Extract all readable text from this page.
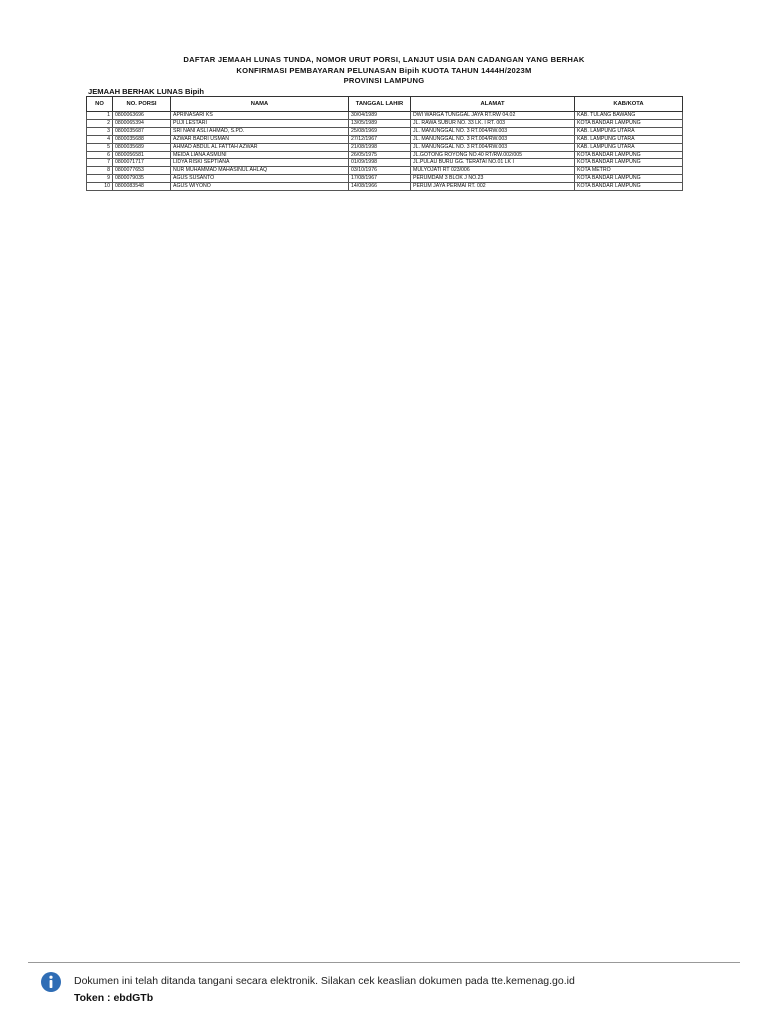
DAFTAR JEMAAH LUNAS TUNDA, NOMOR URUT PORSI, LANJUT USIA DAN CADANGAN YANG BERHAK
KONFIRMASI PEMBAYARAN PELUNASAN Bipih KUOTA TAHUN 1444H/2023M
PROVINSI LAMPUNG
JEMAAH BERHAK LUNAS Bipih
NO	NO. PORSI	NAMA	TANGGAL LAHIR	ALAMAT	KAB/KOTA
1	0800063696	APRINASARI KS	30/04/1989	DWI WARGA TUNGGAL JAYA RT.RW 04.02	KAB. TULANG BAWANG
2	0800065394	PUJI LESTARI	13/05/1989	JL. RAWA SUBUR NO. 33 LK. I RT. 003	KOTA BANDAR LAMPUNG
3	0800035687	SRI NANI ASLI AHMAD, S.PD.	25/08/1969	JL. MANUNGGAL NO. 3 RT.004/RW.003	KAB. LAMPUNG UTARA
4	0800035688	AZWAR BADRI USMAN	27/12/1967	JL. MANUNGGAL NO. 3 RT.004/RW.003	KAB. LAMPUNG UTARA
5	0800035689	AHMAD ABDUL AL FATTAH AZWAR	21/08/1998	JL. MANUNGGAL NO. 3 RT.004/RW.003	KAB. LAMPUNG UTARA
6	0800056581	MEIDA LIANA ASMUNI	26/05/1975	JL.GOTONG ROYONG NO.40 RT/RW.002/005	KOTA BANDAR LAMPUNG
7	0800071717	LIDYA RISKI SEPTIANA	01/09/1998	JL.PULAU BURU GG. TERATAI NO.01 LK I	KOTA BANDAR LAMPUNG
8	0800077653	NUR MUHAMMAD MAHASINUL AHLAQ	03/10/1976	MULYOJATI RT 023/006	KOTA METRO
9	0800079035	AGUS SUSANTO	17/08/1967	PERUMDAM 3 BLOK J NO.23	KOTA BANDAR LAMPUNG
10	0800083548	AGUS WIYONO	14/08/1966	PERUM JAYA PERMAI RT. 002	KOTA BANDAR LAMPUNG
Dokumen ini telah ditanda tangani secara elektronik. Silakan cek keaslian dokumen pada tte.kemenag.go.id
Token : ebdGTb
